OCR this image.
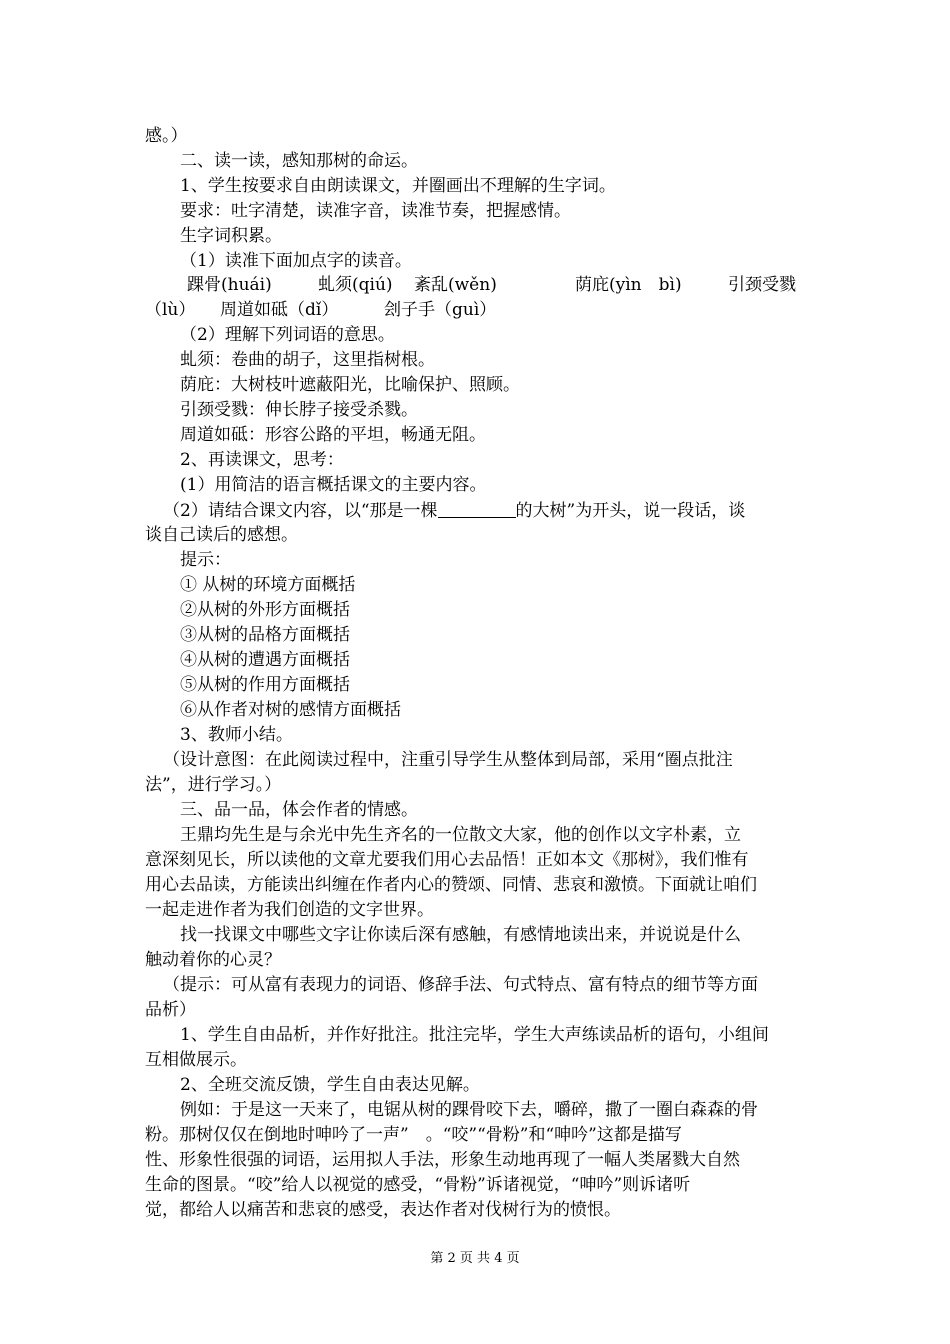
感。）
二、读一读，感知那树的命运。
1、学生按要求自由朗读课文，并圈画出不理解的生字词。
要求：吐字清楚，读准字音，读准节奏，把握感情。
生字词积累。
（1）读准下面加点字的读音。
踝骨(huái)	虬须(qiú) 紊乱(wěn)	荫庇(yìn　bì)	引颈受戮
（lù） 周道如砥（dǐ）	刽子手（guì）
（2）理解下列词语的意思。
虬须：卷曲的胡子，这里指树根。
荫庇：大树枝叶遮蔽阳光，比喻保护、照顾。
引颈受戮：伸长脖子接受杀戮。
周道如砥：形容公路的平坦，畅通无阻。
2、再读课文，思考：
(1）用简洁的语言概括课文的主要内容。
（2）请结合课文内容，以“那是一棵	的大树”为开头，说一段话，谈
谈自己读后的感想。
提示：
① 从树的环境方面概括
②从树的外形方面概括
③从树的品格方面概括
④从树的遭遇方面概括
⑤从树的作用方面概括
⑥从作者对树的感情方面概括
3、教师小结。
（设计意图：在此阅读过程中，注重引导学生从整体到局部，采用“圈点批注
法”，进行学习。）
三、品一品，体会作者的情感。
王鼎均先生是与余光中先生齐名的一位散文大家，他的创作以文字朴素，立
意深刻见长，所以读他的文章尤要我们用心去品悟！正如本文《那树》，我们惟有
用心去品读，方能读出纠缠在作者内心的赞颂、同情、悲哀和激愤。下面就让咱们
一起走进作者为我们创造的文字世界。
找一找课文中哪些文字让你读后深有感触，有感情地读出来，并说说是什么
触动着你的心灵？
（提示：可从富有表现力的词语、修辞手法、句式特点、富有特点的细节等方面
品析）
1、学生自由品析，并作好批注。批注完毕，学生大声练读品析的语句，小组间
互相做展示。
2、全班交流反馈，学生自由表达见解。
例如：于是这一天来了，电锯从树的踝骨咬下去，嚼碎，撒了一圈白森森的骨
粉。那树仅仅在倒地时呻吟了一声”　。“咬”“骨粉”和“呻吟”这都是描写
性、形象性很强的词语，运用拟人手法，形象生动地再现了一幅人类屠戮大自然
生命的图景。“咬”给人以视觉的感受，“骨粉”诉诸视觉，“呻吟”则诉诸听
觉，都给人以痛苦和悲哀的感受，表达作者对伐树行为的愤恨。
第 2 页 共 4 页
